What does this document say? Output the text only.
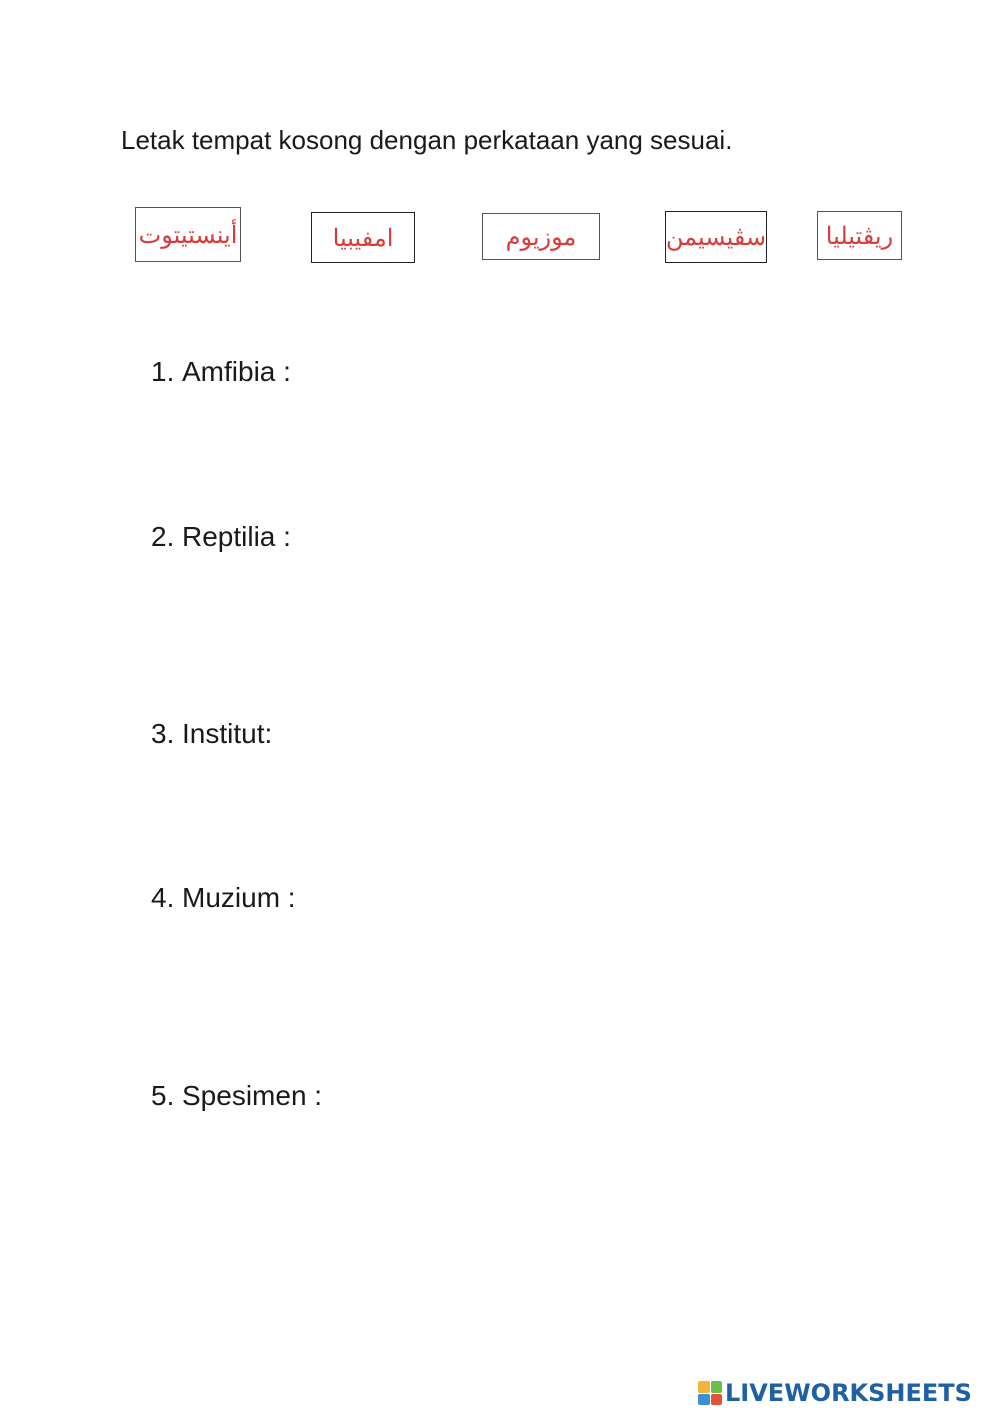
Letak tempat kosong dengan perkataan yang sesuai.
أينستيتوت	امفيبيا	موزيوم	سڤيسيمن	ريڤتيليا
1. Amfibia :
2. Reptilia :
3. Institut:
4. Muzium :
5. Spesimen :
LIVEWORKSHEETS
